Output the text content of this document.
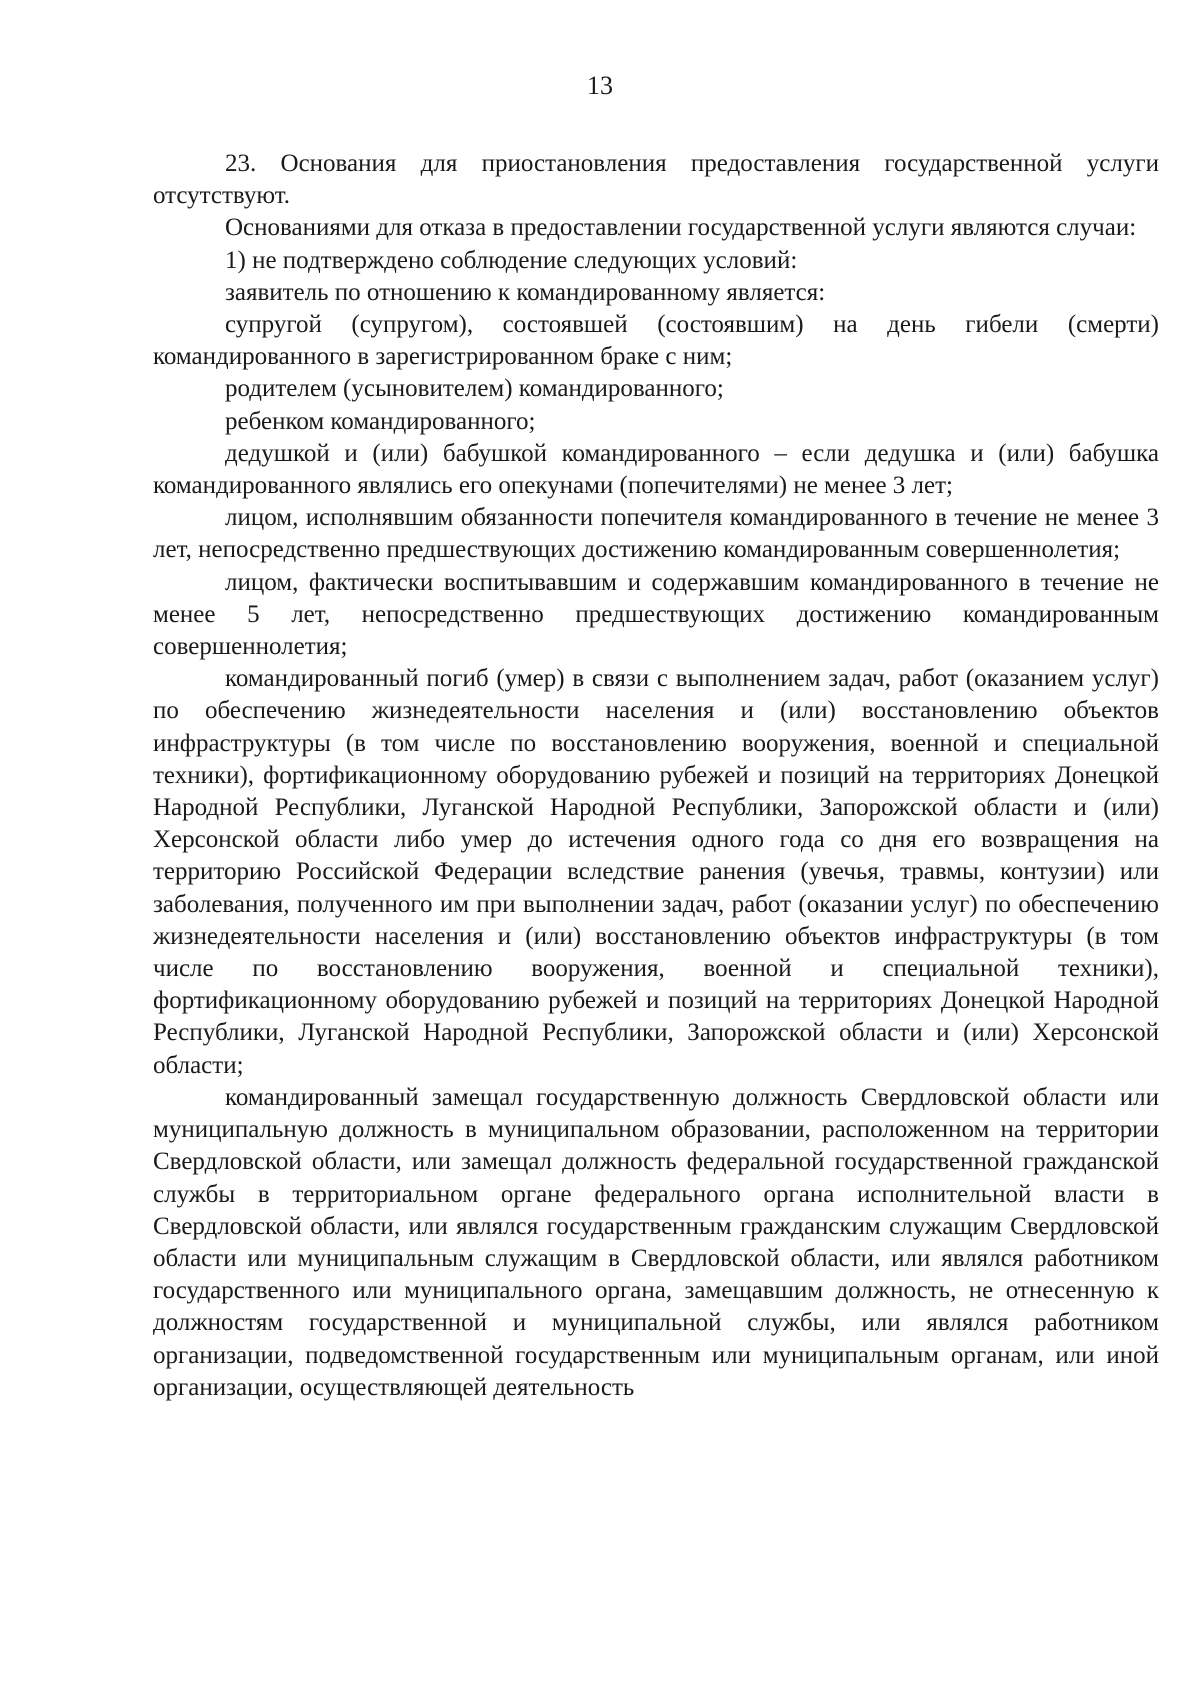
13

23. Основания для приостановления предоставления государственной услуги отсутствуют.

Основаниями для отказа в предоставлении государственной услуги являются случаи:

1) не подтверждено соблюдение следующих условий:

заявитель по отношению к командированному является:

супругой (супругом), состоявшей (состоявшим) на день гибели (смерти) командированного в зарегистрированном браке с ним;

родителем (усыновителем) командированного;

ребенком командированного;

дедушкой и (или) бабушкой командированного – если дедушка и (или) бабушка командированного являлись его опекунами (попечителями) не менее 3 лет;

лицом, исполнявшим обязанности попечителя командированного в течение не менее 3 лет, непосредственно предшествующих достижению командированным совершеннолетия;

лицом, фактически воспитывавшим и содержавшим командированного в течение не менее 5 лет, непосредственно предшествующих достижению командированным совершеннолетия;

командированный погиб (умер) в связи с выполнением задач, работ (оказанием услуг) по обеспечению жизнедеятельности населения и (или) восстановлению объектов инфраструктуры (в том числе по восстановлению вооружения, военной и специальной техники), фортификационному оборудованию рубежей и позиций на территориях Донецкой Народной Республики, Луганской Народной Республики, Запорожской области и (или) Херсонской области либо умер до истечения одного года со дня его возвращения на территорию Российской Федерации вследствие ранения (увечья, травмы, контузии) или заболевания, полученного им при выполнении задач, работ (оказании услуг) по обеспечению жизнедеятельности населения и (или) восстановлению объектов инфраструктуры (в том числе по восстановлению вооружения, военной и специальной техники), фортификационному оборудованию рубежей и позиций на территориях Донецкой Народной Республики, Луганской Народной Республики, Запорожской области и (или) Херсонской области;

командированный замещал государственную должность Свердловской области или муниципальную должность в муниципальном образовании, расположенном на территории Свердловской области, или замещал должность федеральной государственной гражданской службы в территориальном органе федерального органа исполнительной власти в Свердловской области, или являлся государственным гражданским служащим Свердловской области или муниципальным служащим в Свердловской области, или являлся работником государственного или муниципального органа, замещавшим должность, не отнесенную к должностям государственной и муниципальной службы, или являлся работником организации, подведомственной государственным или муниципальным органам, или иной организации, осуществляющей деятельность
